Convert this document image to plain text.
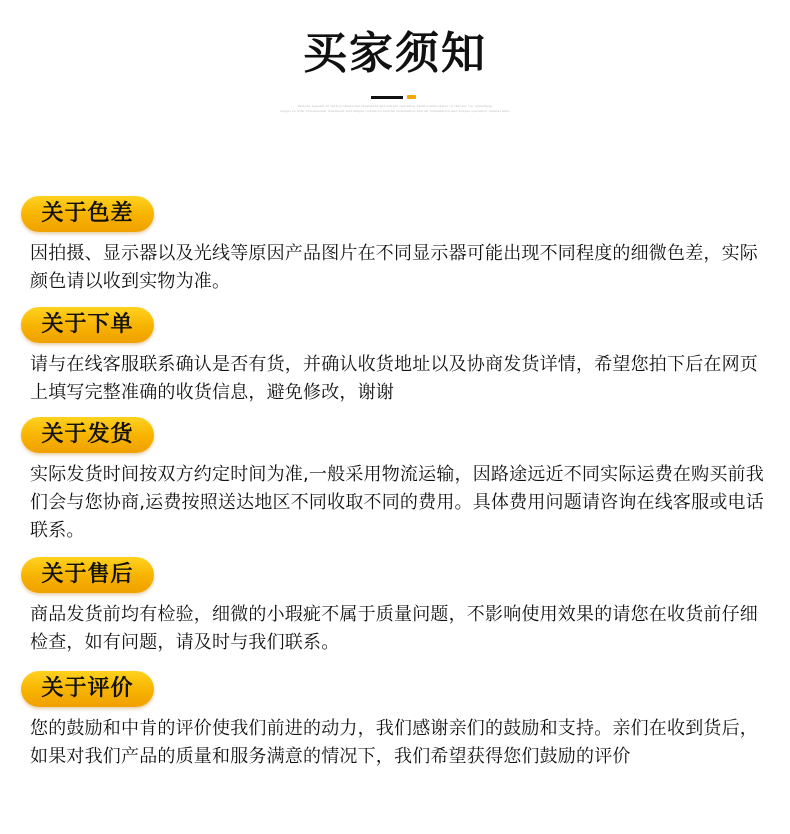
买家须知
Faisons appeals in with professional treatment and simple operation bentfil elimination of chronic our splashgup
supply in with professional treatment and simple operation bentfal elimination and all fomentation and simple operation bentfal limit
关于色差
因拍摄、显示器以及光线等原因产品图片在不同显示器可能出现不同程度的细微色差，实际颜色请以收到实物为准。
关于下单
请与在线客服联系确认是否有货，并确认收货地址以及协商发货详情，希望您拍下后在网页上填写完整准确的收货信息，避免修改，谢谢
关于发货
实际发货时间按双方约定时间为准,一般采用物流运输，因路途远近不同实际运费在购买前我们会与您协商,运费按照送达地区不同收取不同的费用。具体费用问题请咨询在线客服或电话联系。
关于售后
商品发货前均有检验，细微的小瑕疵不属于质量问题，不影响使用效果的请您在收货前仔细检查，如有问题，请及时与我们联系。
关于评价
您的鼓励和中肯的评价使我们前进的动力，我们感谢亲们的鼓励和支持。亲们在收到货后，如果对我们产品的质量和服务满意的情况下，我们希望获得您们鼓励的评价
